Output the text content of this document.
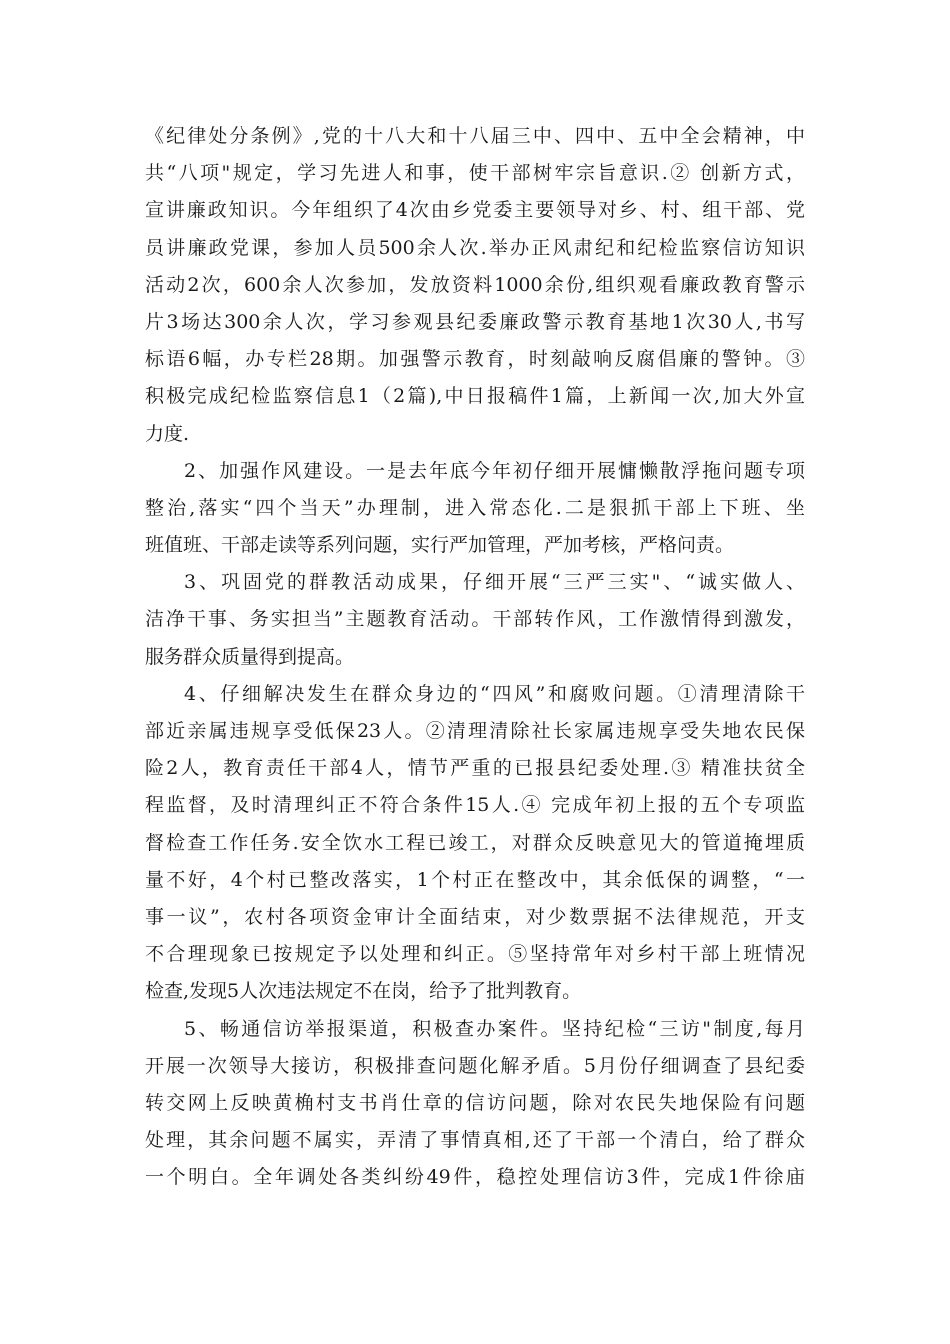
《纪律处分条例》,党的十八大和十八届三中、四中、五中全会精神，中
共“八项"规定，学习先进人和事，使干部树牢宗旨意识.② 创新方式，
宣讲廉政知识。今年组织了4次由乡党委主要领导对乡、村、组干部、党
员讲廉政党课，参加人员500余人次.举办正风肃纪和纪检监察信访知识
活动2次，600余人次参加，发放资料1000余份,组织观看廉政教育警示
片3场达300余人次，学习参观县纪委廉政警示教育基地1次30人,书写
标语6幅，办专栏28期。加强警示教育，时刻敲响反腐倡廉的警钟。③
积极完成纪检监察信息1（2篇),中日报稿件1篇，上新闻一次,加大外宣
力度.
2、加强作风建设。一是去年底今年初仔细开展慵懒散浮拖问题专项
整治,落实“四个当天”办理制，进入常态化.二是狠抓干部上下班、坐
班值班、干部走读等系列问题，实行严加管理，严加考核，严格问责。
3、巩固党的群教活动成果，仔细开展“三严三实"、“诚实做人、
洁净干事、务实担当”主题教育活动。干部转作风，工作激情得到激发，
服务群众质量得到提高。
4、仔细解决发生在群众身边的“四风”和腐败问题。①清理清除干
部近亲属违规享受低保23人。②清理清除社长家属违规享受失地农民保
险2人，教育责任干部4人，情节严重的已报县纪委处理.③ 精准扶贫全
程监督，及时清理纠正不符合条件15人.④ 完成年初上报的五个专项监
督检查工作任务.安全饮水工程已竣工，对群众反映意见大的管道掩埋质
量不好，4个村已整改落实，1个村正在整改中，其余低保的调整，“一
事一议”，农村各项资金审计全面结束，对少数票据不法律规范，开支
不合理现象已按规定予以处理和纠正。⑤坚持常年对乡村干部上班情况
检查,发现5人次违法规定不在岗，给予了批判教育。
5、畅通信访举报渠道，积极查办案件。坚持纪检“三访"制度,每月
开展一次领导大接访，积极排查问题化解矛盾。5月份仔细调查了县纪委
转交网上反映黄桷村支书肖仕章的信访问题，除对农民失地保险有问题
处理，其余问题不属实，弄清了事情真相,还了干部一个清白，给了群众
一个明白。全年调处各类纠纷49件，稳控处理信访3件，完成1件徐庙
